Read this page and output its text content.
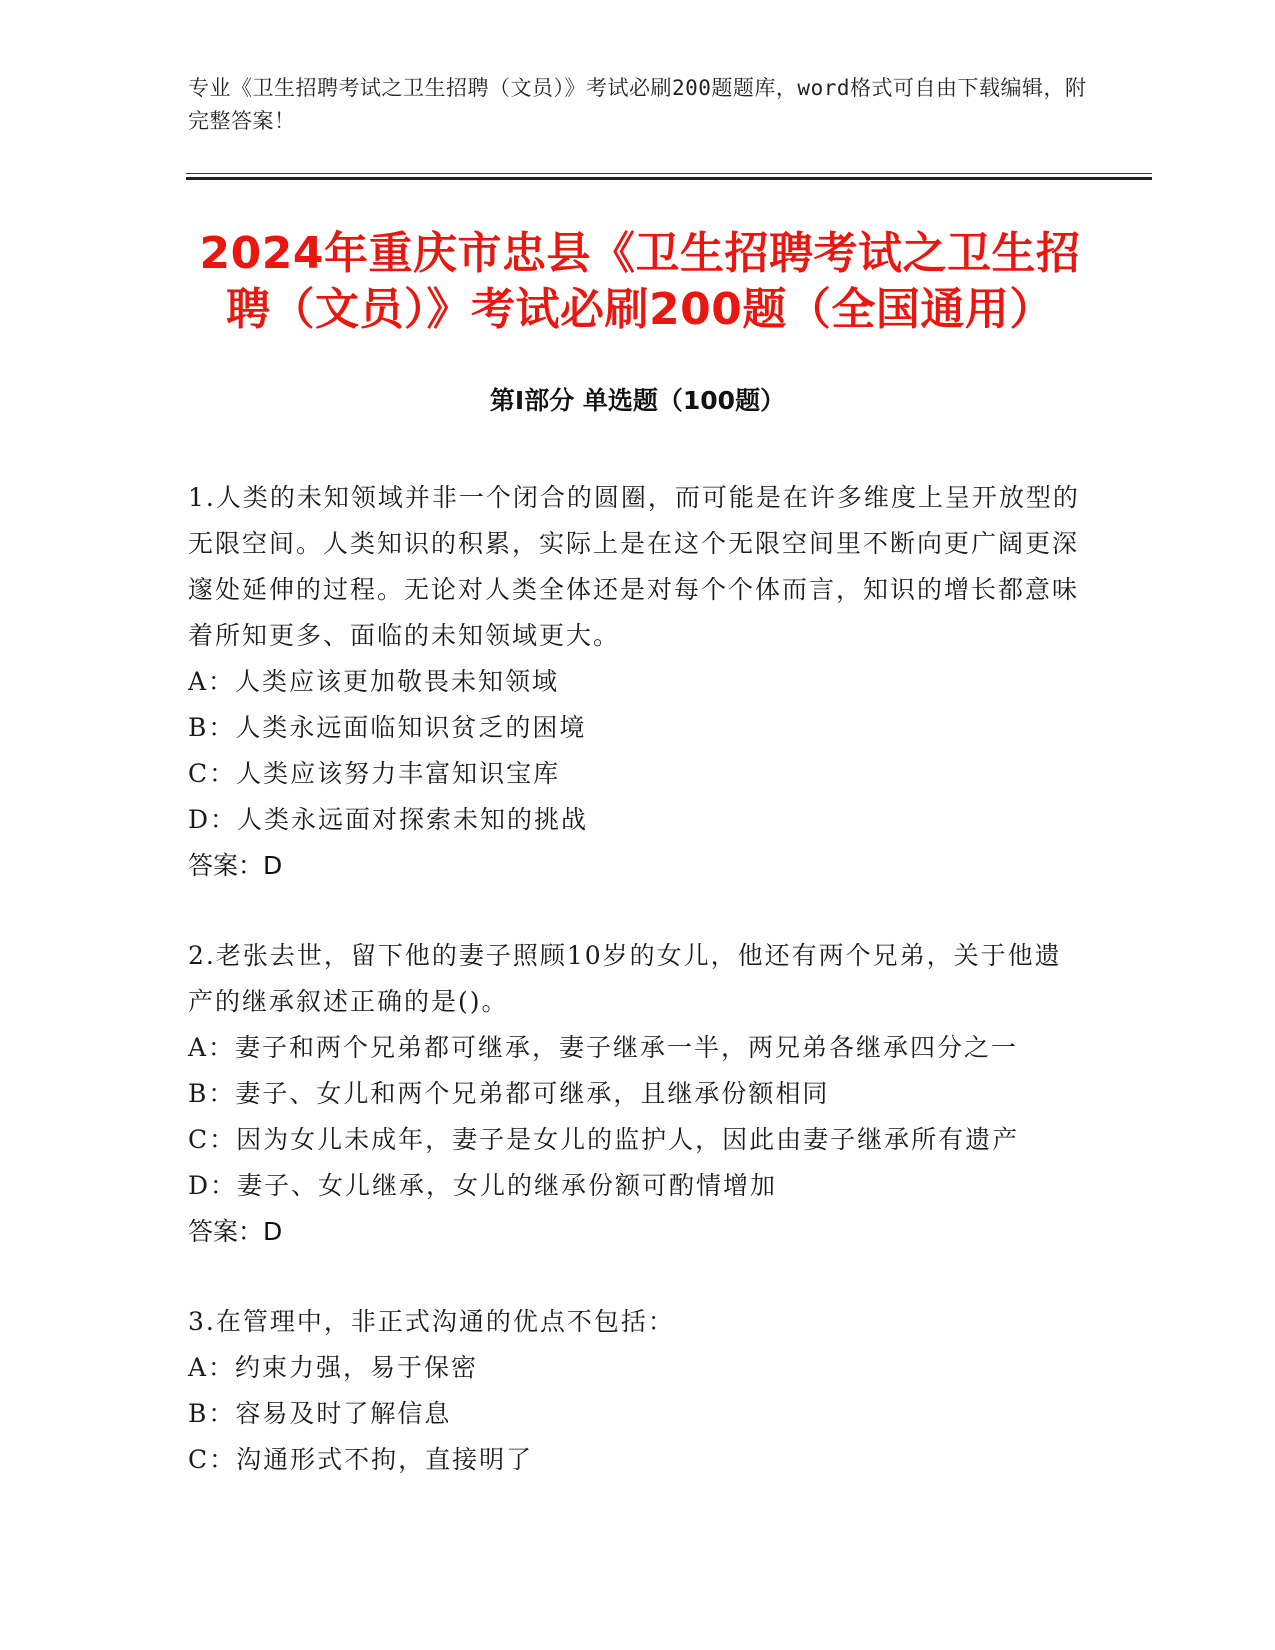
专业《卫生招聘考试之卫生招聘（文员）》考试必刷200题题库，word格式可自由下载编辑，附完整答案！
2024年重庆市忠县《卫生招聘考试之卫生招聘（文员）》考试必刷200题（全国通用）
第I部分 单选题（100题）

1.人类的未知领域并非一个闭合的圆圈，而可能是在许多维度上呈开放型的无限空间。人类知识的积累，实际上是在这个无限空间里不断向更广阔更深邃处延伸的过程。无论对人类全体还是对每个个体而言，知识的增长都意味着所知更多、面临的未知领域更大。

A：人类应该更加敬畏未知领域

B：人类永远面临知识贫乏的困境

C：人类应该努力丰富知识宝库

D：人类永远面对探索未知的挑战

答案：D

2.老张去世，留下他的妻子照顾10岁的女儿，他还有两个兄弟，关于他遗产的继承叙述正确的是()。

A：妻子和两个兄弟都可继承，妻子继承一半，两兄弟各继承四分之一

B：妻子、女儿和两个兄弟都可继承，且继承份额相同

C：因为女儿未成年，妻子是女儿的监护人，因此由妻子继承所有遗产

D：妻子、女儿继承，女儿的继承份额可酌情增加

答案：D

3.在管理中，非正式沟通的优点不包括：

A：约束力强，易于保密

B：容易及时了解信息

C：沟通形式不拘，直接明了
